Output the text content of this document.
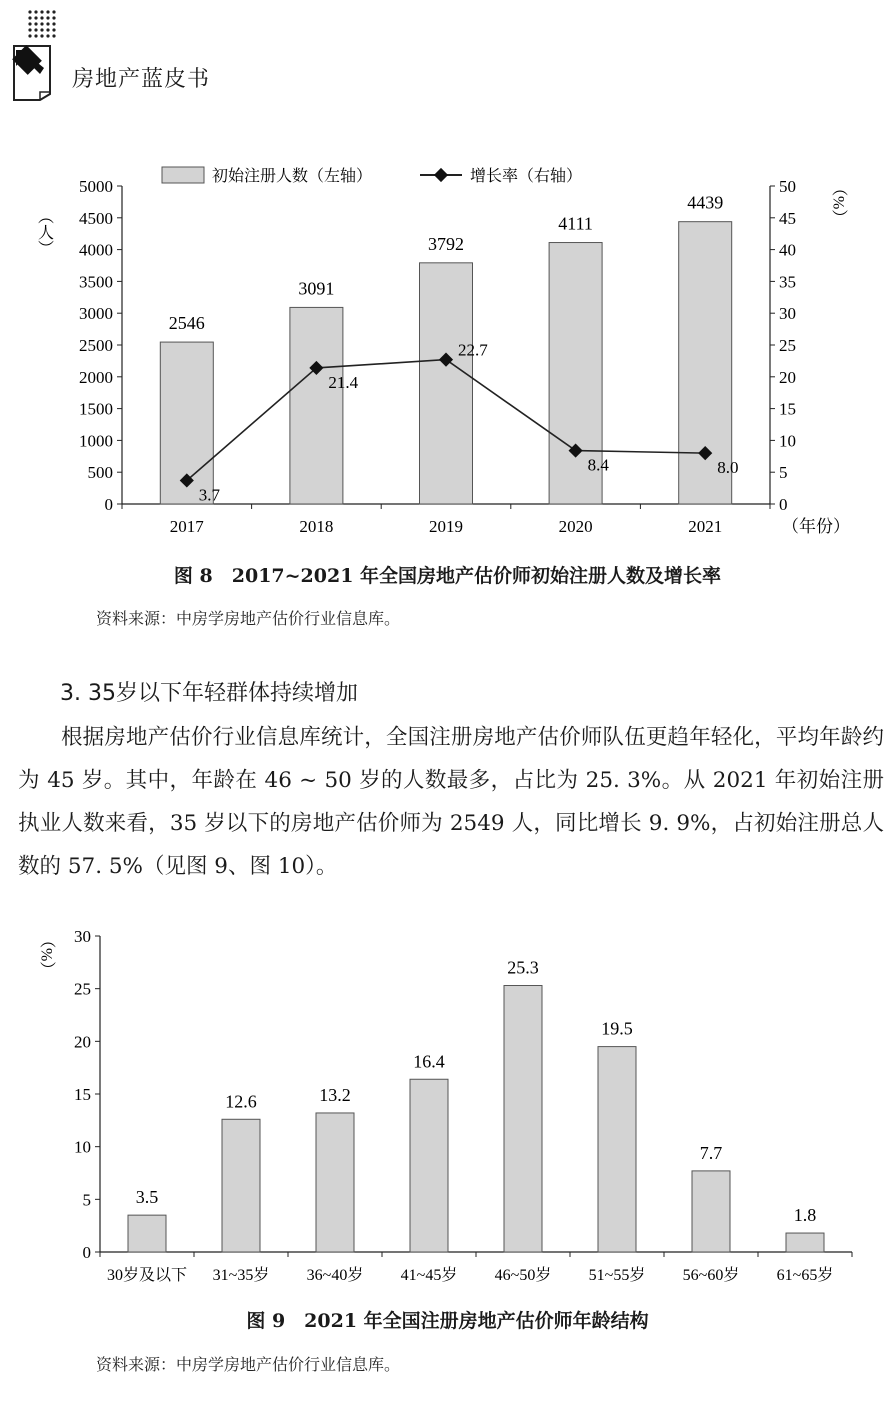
房地产蓝皮书
0
500
1000
1500
2000
2500
3000
3500
4000
4500
5000
0
5
10
15
20
25
30
35
40
45
50
2017	2018	2019	2020	2021
2546
3091
3792
4111
4439
3.7
21.4
22.7
8.4	8.0
初始注册人数（左轴）	增长率（右轴）
（人）
（%）
（年份）
图 8　2017~2021 年全国房地产估价师初始注册人数及增长率
资料来源：中房学房地产估价行业信息库。
3. 35岁以下年轻群体持续增加

根据房地产估价行业信息库统计，全国注册房地产估价师队伍更趋年轻化，平均年龄约为 45 岁。其中，年龄在 46 ~ 50 岁的人数最多，占比为 25. 3%。从 2021 年初始注册执业人数来看，35 岁以下的房地产估价师为 2549 人，同比增长 9. 9%，占初始注册总人数的 57. 5%（见图 9、图 10）。

0
5
10
15
20
25
30
30岁及以下 31~35岁 36~40岁 41~45岁 46~50岁 51~55岁 56~60岁 61~65岁
3.5
12.6	13.2
16.4
25.3
19.5
7.7
1.8
（%）
图 9　2021 年全国注册房地产估价师年龄结构
资料来源：中房学房地产估价行业信息库。
